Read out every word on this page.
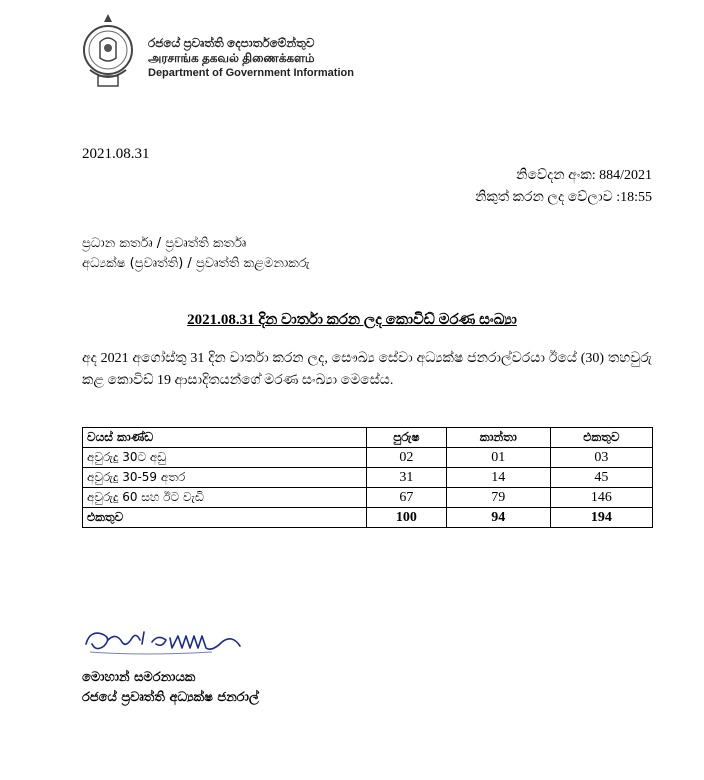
රජයේ ප්‍රවෘත්ති දෙපාර්තමේන්තුව
அரசாங்க தகவல் திணைக்களம்
Department of Government Information
2021.08.31
නිවේදන අංක: 884/2021
නිකුත් කරන ලද වේලාව :18:55
ප්‍රධාන කර්තෘ / ප්‍රවෘත්ති කර්තෘ
අධ්‍යක්ෂ (ප්‍රවෘත්ති) / ප්‍රවෘත්ති කළමනාකරු
2021.08.31 දින වාර්තා කරන ලද කොවිඩ් මරණ සංඛ්‍යා
අද 2021 අගෝස්තු 31 දින වාර්තා කරන ලද, සෞඛ්‍ය සේවා අධ්‍යක්ෂ ජනරාල්වරයා ඊයේ (30) තහවුරු කළ කොවිඩ් 19 ආසාදිතයන්ගේ මරණ සංඛ්‍යා මෙසේය.
වයස් කාණ්ඩ	පුරුෂ	කාන්තා	එකතුව
අවුරුදු 30ට අඩු	02	01	03
අවුරුදු 30-59 අතර	31	14	45
අවුරුදු 60 සහ ඊට වැඩි	67	79	146
එකතුව	100	94	194
මොහාන් සමරනායක
රජයේ ප්‍රවෘත්ති අධ්‍යක්ෂ ජනරාල්
